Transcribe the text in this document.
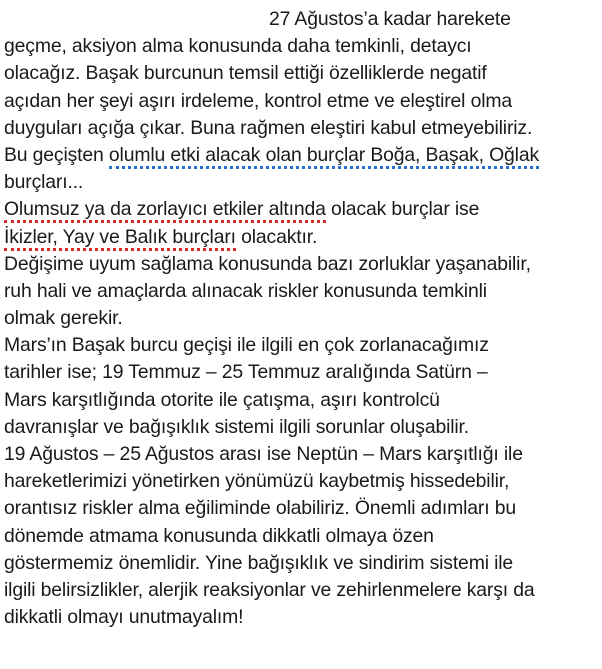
27 Ağustos’a kadar harekete
geçme, aksiyon alma konusunda daha temkinli, detaycı
olacağız. Başak burcunun temsil ettiği özelliklerde negatif
açıdan her şeyi aşırı irdeleme, kontrol etme ve eleştirel olma
duyguları açığa çıkar. Buna rağmen eleştiri kabul etmeyebiliriz.
Bu geçişten olumlu etki alacak olan burçlar Boğa, Başak, Oğlak
burçları...
Olumsuz ya da zorlayıcı etkiler altında olacak burçlar ise
İkizler, Yay ve Balık burçları olacaktır.
Değişime uyum sağlama konusunda bazı zorluklar yaşanabilir,
ruh hali ve amaçlarda alınacak riskler konusunda temkinli
olmak gerekir.
Mars’ın Başak burcu geçişi ile ilgili en çok zorlanacağımız
tarihler ise; 19 Temmuz – 25 Temmuz aralığında Satürn –
Mars karşıtlığında otorite ile çatışma, aşırı kontrolcü
davranışlar ve bağışıklık sistemi ilgili sorunlar oluşabilir.
19 Ağustos – 25 Ağustos arası ise Neptün – Mars karşıtlığı ile
hareketlerimizi yönetirken yönümüzü kaybetmiş hissedebilir,
orantısız riskler alma eğiliminde olabiliriz. Önemli adımları bu
dönemde atmama konusunda dikkatli olmaya özen
göstermemiz önemlidir. Yine bağışıklık ve sindirim sistemi ile
ilgili belirsizlikler, alerjik reaksiyonlar ve zehirlenmelere karşı da
dikkatli olmayı unutmayalım!
